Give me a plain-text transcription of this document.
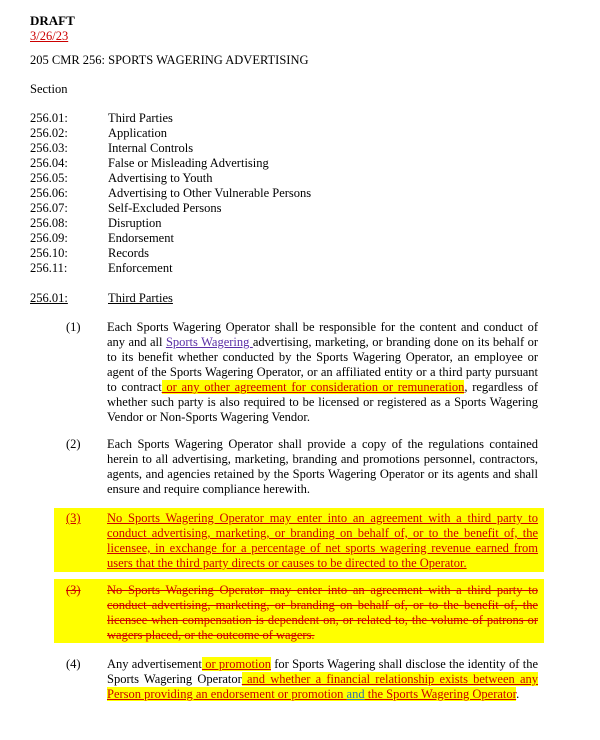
DRAFT
3/26/23
205 CMR 256: SPORTS WAGERING ADVERTISING
Section
256.01:	Third Parties
256.02:	Application
256.03:	Internal Controls
256.04:	False or Misleading Advertising
256.05:	Advertising to Youth
256.06:	Advertising to Other Vulnerable Persons
256.07:	Self-Excluded Persons
256.08:	Disruption
256.09:	Endorsement
256.10:	Records
256.11:	Enforcement
256.01:	Third Parties
(1)	Each Sports Wagering Operator shall be responsible for the content and conduct of any and all Sports Wagering advertising, marketing, or branding done on its behalf or to its benefit whether conducted by the Sports Wagering Operator, an employee or agent of the Sports Wagering Operator, or an affiliated entity or a third party pursuant to contract or any other agreement for consideration or remuneration, regardless of whether such party is also required to be licensed or registered as a Sports Wagering Vendor or Non-Sports Wagering Vendor.
(2)	Each Sports Wagering Operator shall provide a copy of the regulations contained herein to all advertising, marketing, branding and promotions personnel, contractors, agents, and agencies retained by the Sports Wagering Operator or its agents and shall ensure and require compliance herewith.
(3)	No Sports Wagering Operator may enter into an agreement with a third party to conduct advertising, marketing, or branding on behalf of, or to the benefit of, the licensee, in exchange for a percentage of net sports wagering revenue earned from users that the third party directs or causes to be directed to the Operator.
(3)	No Sports Wagering Operator may enter into an agreement with a third party to conduct advertising, marketing, or branding on behalf of, or to the benefit of, the licensee when compensation is dependent on, or related to, the volume of patrons or wagers placed, or the outcome of wagers.
(4)	Any advertisement or promotion for Sports Wagering shall disclose the identity of the Sports Wagering Operator and whether a financial relationship exists between any Person providing an endorsement or promotion and the Sports Wagering Operator.
